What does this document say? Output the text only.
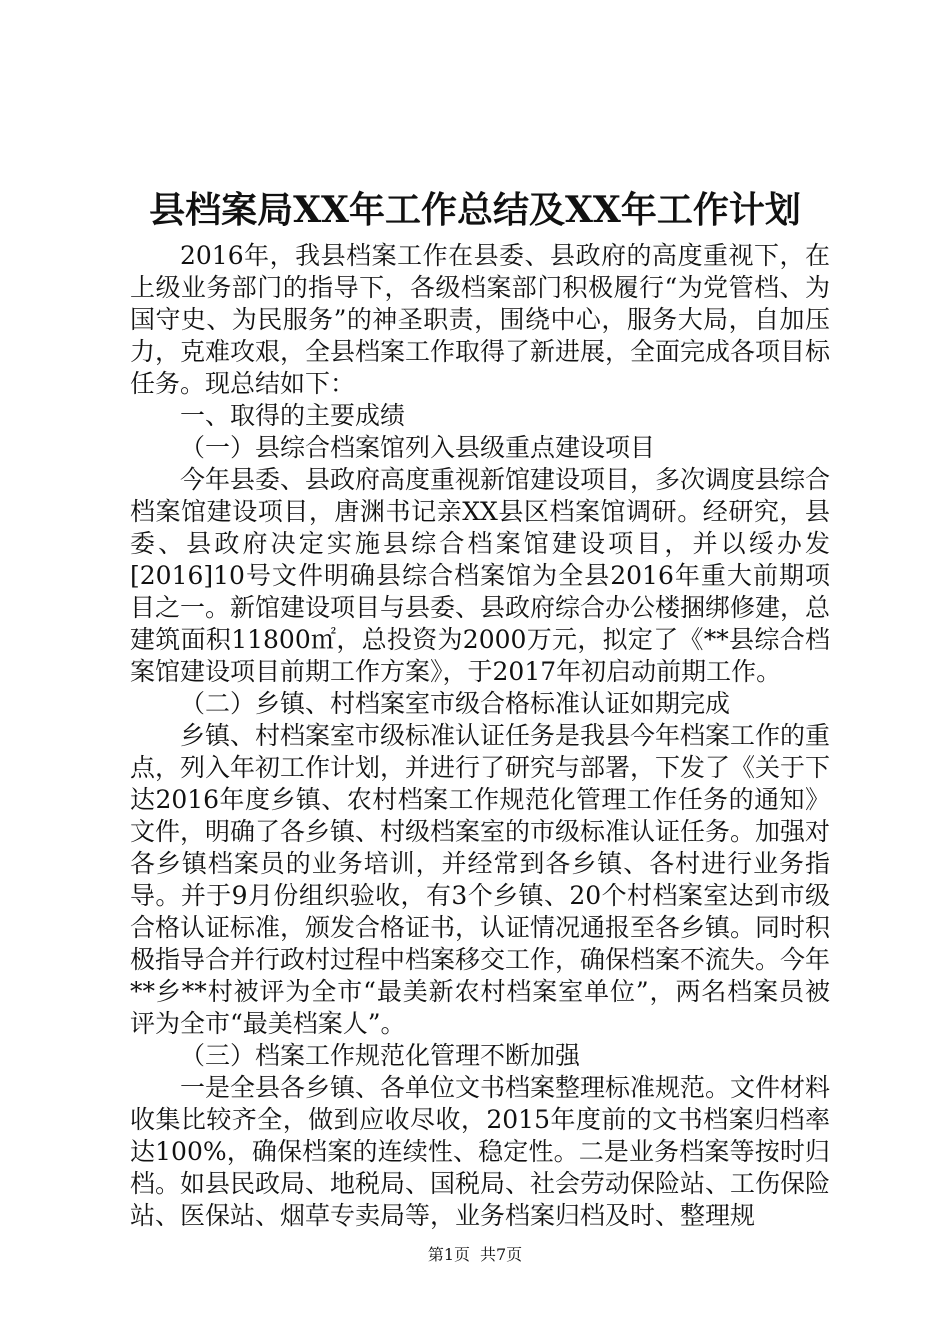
县档案局XX年工作总结及XX年工作计划

2016年，我县档案工作在县委、县政府的高度重视下，在上级业务部门的指导下，各级档案部门积极履行“为党管档、为国守史、为民服务”的神圣职责，围绕中心，服务大局，自加压力，克难攻艰，全县档案工作取得了新进展，全面完成各项目标任务。现总结如下：

一、取得的主要成绩

（一）县综合档案馆列入县级重点建设项目

今年县委、县政府高度重视新馆建设项目，多次调度县综合档案馆建设项目，唐渊书记亲XX县区档案馆调研。经研究，县委、县政府决定实施县综合档案馆建设项目，并以绥办发[2016]10号文件明确县综合档案馆为全县2016年重大前期项目之一。新馆建设项目与县委、县政府综合办公楼捆绑修建，总建筑面积11800㎡，总投资为2000万元，拟定了《**县综合档案馆建设项目前期工作方案》，于2017年初启动前期工作。

（二）乡镇、村档案室市级合格标准认证如期完成

乡镇、村档案室市级标准认证任务是我县今年档案工作的重点，列入年初工作计划，并进行了研究与部署，下发了《关于下达2016年度乡镇、农村档案工作规范化管理工作任务的通知》文件，明确了各乡镇、村级档案室的市级标准认证任务。加强对各乡镇档案员的业务培训，并经常到各乡镇、各村进行业务指导。并于9月份组织验收，有3个乡镇、20个村档案室达到市级合格认证标准，颁发合格证书，认证情况通报至各乡镇。同时积极指导合并行政村过程中档案移交工作，确保档案不流失。今年**乡**村被评为全市“最美新农村档案室单位”，两名档案员被评为全市“最美档案人”。

（三）档案工作规范化管理不断加强

一是全县各乡镇、各单位文书档案整理标准规范。文件材料收集比较齐全，做到应收尽收，2015年度前的文书档案归档率达100%，确保档案的连续性、稳定性。二是业务档案等按时归档。如县民政局、地税局、国税局、社会劳动保险站、工伤保险站、医保站、烟草专卖局等，业务档案归档及时、整理规

第1页 共7页
